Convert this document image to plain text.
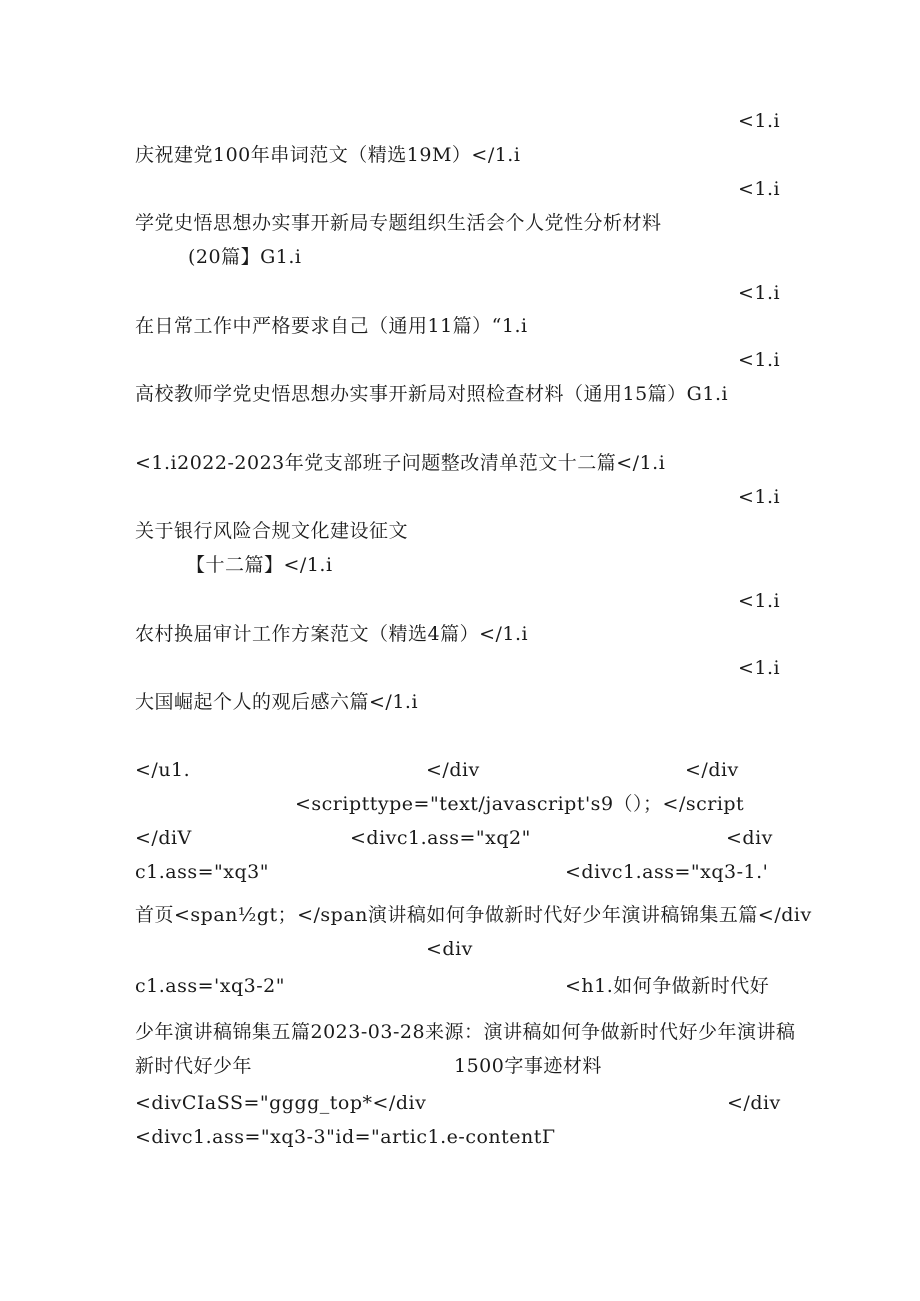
<1.i
庆祝建党100年串词范文（精选19M）</1.i
<1.i
学党史悟思想办实事开新局专题组织生活会个人党性分析材料
(20篇】G1.i
<1.i
在日常工作中严格要求自己（通用11篇）“1.i
<1.i
高校教师学党史悟思想办实事开新局对照检查材料（通用15篇）G1.i
<1.i2022-2023年党支部班子问题整改清单范文十二篇</1.i
<1.i
关于银行风险合规文化建设征文
【十二篇】</1.i
<1.i
农村换届审计工作方案范文（精选4篇）</1.i
<1.i
大国崛起个人的观后感六篇</1.i
</u1.	</div	</div
<scripttype="text/javascript's9（）；</script
</diV	<divc1.ass="xq2"	<div
c1.ass="xq3"	<divc1.ass="xq3-1.'
首页<span½gt；</span演讲稿如何争做新时代好少年演讲稿锦集五篇</div
<div
c1.ass='xq3-2"	<h1.如何争做新时代好
少年演讲稿锦集五篇2023-03-28来源：演讲稿如何争做新时代好少年演讲稿
新时代好少年	1500字事迹材料
<divCIaSS="gggg_top*</div	</div
<divc1.ass="xq3-3"id="artic1.e-contentΓ
